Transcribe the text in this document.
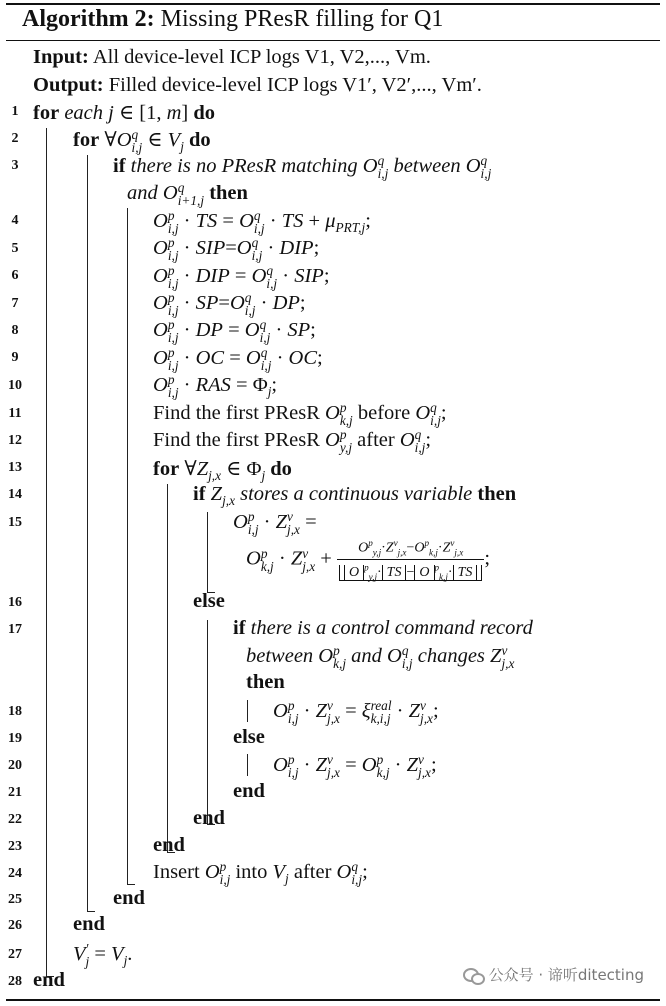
Algorithm 2: Missing PResR filling for Q1
Input: All device-level ICP logs V1, V2,..., Vm.
Output: Filled device-level ICP logs V1′, V2′,..., Vm′.
1
2
3
4
5
6
7
8
9
10
11
12
13
14
15
16
17
18
19
20
21
22
23
24
25
26
27
28
for each j ∈ [1, m] do
for ∀O q
i,j ∈ $V_j$ do
if there is no PResR matching O q
i,j between O q
i,j
and O q
i+1,j then
O p
i,j · TS = O q
i,j · TS + $\mu_{PRT,j}$;
O p
i,j · SIP=O q
i,j · DIP;
O p
i,j · DIP = O q
i,j · SIP;
O p
i,j · SP=O q
i,j · DP;
O p
i,j · DP = O q
i,j · SP;
O p
i,j · OC = O q
i,j · OC;
O p
i,j · RAS = $\Phi_j$;
Find the first PResR O p
k,j before O q
i,j ;
Find the first PResR O p
y,j after O q
i,j ;
for $\forall Z_{j,x}$ ∈ $\Phi_j$ do
if $Z_{j,x}$ stores a continuous variable then
O p
i,j · Z v
j,x =
O p
k,j · Z v
$j,x + \frac{O^p_{y,j}\cdot Z^v_{j,x}-O^p_{k,j}\cdot Z^v_{j,x}}{O ^p_{y,j}\cdot TS - O ^p_{k,j}\cdot TS}$ ;
else
if there is a control command record
between O p
k,j and O q
i,j changes Z v
j,x
then
O p
i,j · Z v
j,x = ξ real
k,i,j · Z v
j,x ;
else
O p
i,j · Z v
j,x = O p
k,j · Z v
j,x ;
end
end
end
Insert O p
i,j into $V_j$ after O q
i,j ;
end
end
V ′
$j = V_j$.
end	公众号 · 谛听ditecting
